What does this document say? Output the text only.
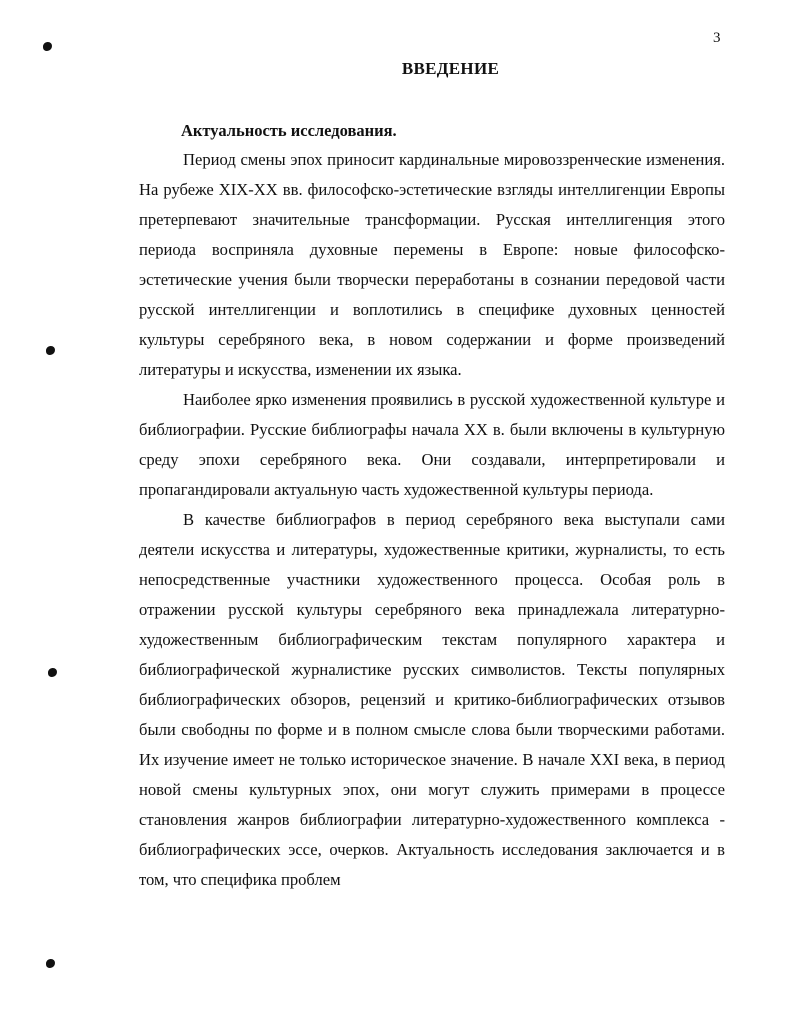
3
ВВЕДЕНИЕ
Актуальность исследования.

Период смены эпох приносит кардинальные мировоззренческие изменения. На рубеже XIX-XX вв. философско-эстетические взгляды интеллигенции Европы претерпевают значительные трансформации. Русская интеллигенция этого периода восприняла духовные перемены в Европе: новые философско-эстетические учения были творчески переработаны в сознании передовой части русской интеллигенции и воплотились в специфике духовных ценностей культуры серебряного века, в новом содержании и форме произведений литературы и искусства, изменении их языка.

Наиболее ярко изменения проявились в русской художественной культуре и библиографии. Русские библиографы начала XX в. были включены в культурную среду эпохи серебряного века. Они создавали, интерпретировали и пропагандировали актуальную часть художественной культуры периода.

В качестве библиографов в период серебряного века выступали сами деятели искусства и литературы, художественные критики, журналисты, то есть непосредственные участники художественного процесса. Особая роль в отражении русской культуры серебряного века принадлежала литературно-художественным библиографическим текстам популярного характера и библиографической журналистике русских символистов. Тексты популярных библиографических обзоров, рецензий и критико-библиографических отзывов были свободны по форме и в полном смысле слова были творческими работами. Их изучение имеет не только историческое значение. В начале XXI века, в период новой смены культурных эпох, они могут служить примерами в процессе становления жанров библиографии литературно-художественного комплекса - библиографических эссе, очерков. Актуальность исследования заключается и в том, что специфика проблем
